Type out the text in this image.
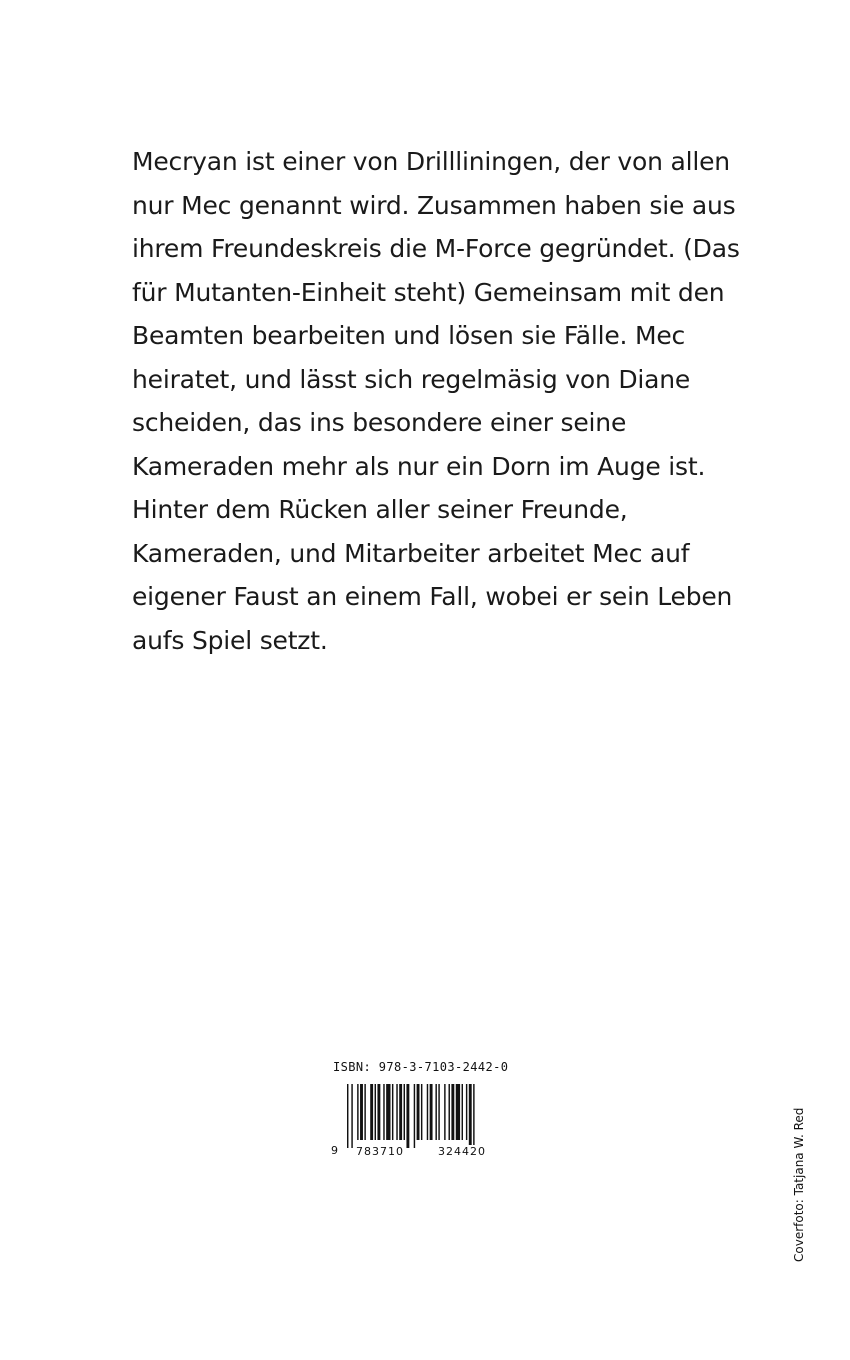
Mecryan ist einer von Drillliningen, der von allen
nur Mec genannt wird. Zusammen haben sie aus
ihrem Freundeskreis die M-Force gegründet. (Das
für Mutanten-Einheit steht) Gemeinsam mit den
Beamten bearbeiten und lösen sie Fälle. Mec
heiratet, und lässt sich regelmäsig von Diane
scheiden, das ins besondere einer seine
Kameraden mehr als nur ein Dorn im Auge ist.
Hinter dem Rücken aller seiner Freunde,
Kameraden, und Mitarbeiter arbeitet Mec auf
eigener Faust an einem Fall, wobei er sein Leben
aufs Spiel setzt.
ISBN: 978-3-7103-2442-0
9 783710	324420	Coverfoto: Tatjana W. Red
